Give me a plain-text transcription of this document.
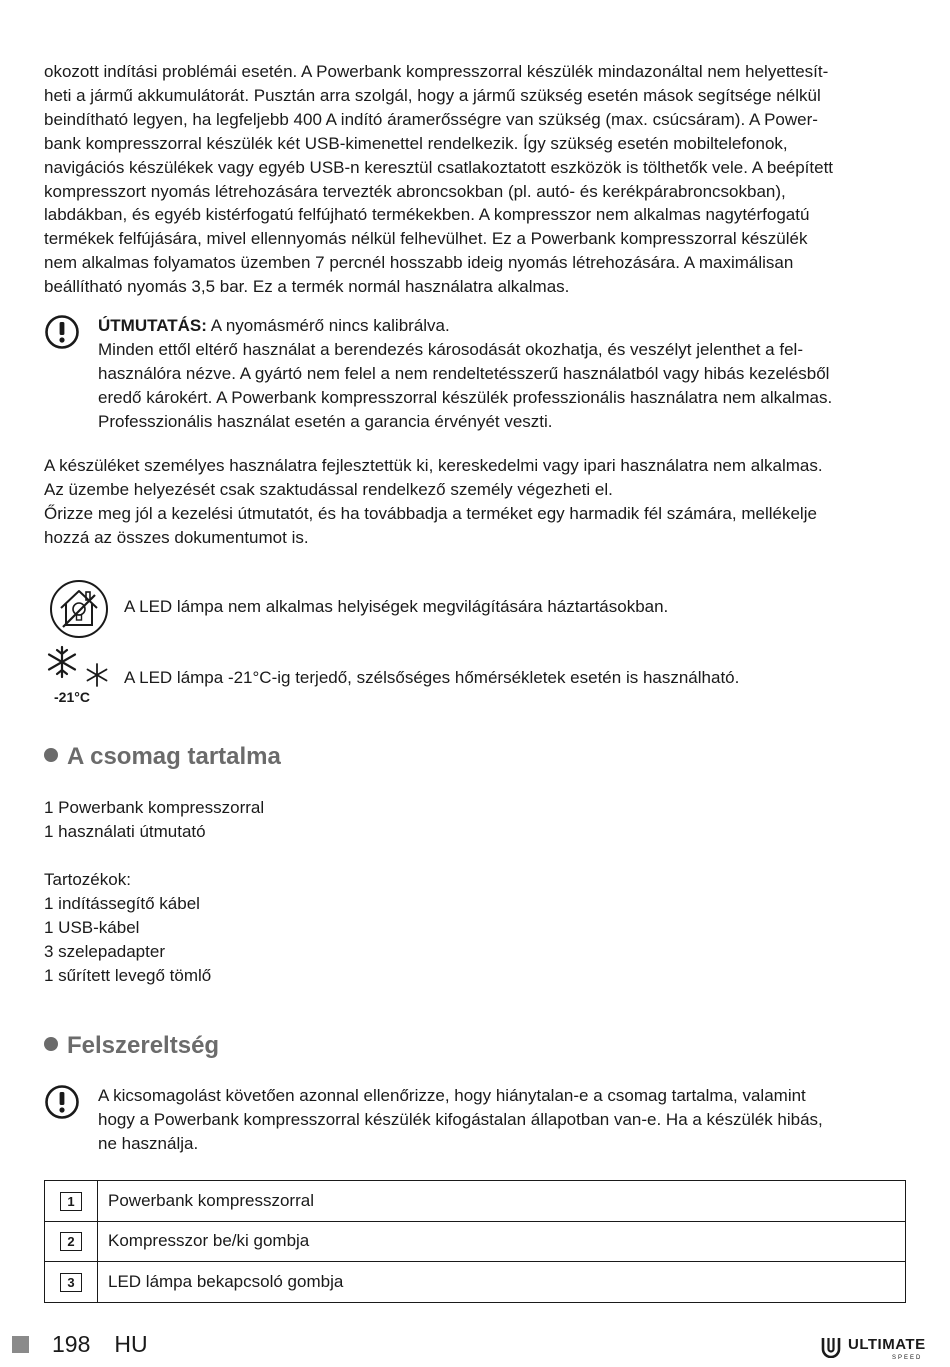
okozott indítási problémái esetén. A Powerbank kompresszorral készülék mindazonáltal nem helyettesít-
heti a jármű akkumulátorát. Pusztán arra szolgál, hogy a jármű szükség esetén mások segítsége nélkül
beindítható legyen, ha legfeljebb 400 A indító áramerősségre van szükség (max. csúcsáram). A Power-
bank kompresszorral készülék két USB-kimenettel rendelkezik. Így szükség esetén mobiltelefonok,
navigációs készülékek vagy egyéb USB-n keresztül csatlakoztatott eszközök is tölthetők vele. A beépített
kompresszort nyomás létrehozására tervezték abroncsokban (pl. autó- és kerékpárabroncsokban),
labdákban, és egyéb kistérfogatú felfújható termékekben. A kompresszor nem alkalmas nagytérfogatú
termékek felfújására, mivel ellennyomás nélkül felhevülhet. Ez a Powerbank kompresszorral készülék
nem alkalmas folyamatos üzemben 7 percnél hosszabb ideig nyomás létrehozására. A maximálisan
beállítható nyomás 3,5 bar. Ez a termék normál használatra alkalmas.
ÚTMUTATÁS: A nyomásmérő nincs kalibrálva.
Minden ettől eltérő használat a berendezés károsodását okozhatja, és veszélyt jelenthet a fel-
használóra nézve. A gyártó nem felel a nem rendeltetésszerű használatból vagy hibás kezelésből
eredő károkért. A Powerbank kompresszorral készülék professzionális használatra nem alkalmas.
Professzionális használat esetén a garancia érvényét veszti.
A készüléket személyes használatra fejlesztettük ki, kereskedelmi vagy ipari használatra nem alkalmas.
Az üzembe helyezését csak szaktudással rendelkező személy végezheti el.
Őrizze meg jól a kezelési útmutatót, és ha továbbadja a terméket egy harmadik fél számára, mellékelje
hozzá az összes dokumentumot is.
A LED lámpa nem alkalmas helyiségek megvilágítására háztartásokban.
-21°C
A LED lámpa -21°C-ig terjedő, szélsőséges hőmérsékletek esetén is használható.
A csomag tartalma
1 Powerbank kompresszorral
1 használati útmutató
Tartozékok:
1 indítássegítő kábel
1 USB-kábel
3 szelepadapter
1 sűrített levegő tömlő
Felszereltség
A kicsomagolást követően azonnal ellenőrizze, hogy hiánytalan-e a csomag tartalma, valamint
hogy a Powerbank kompresszorral készülék kifogástalan állapotban van-e. Ha a készülék hibás,
ne használja.
1	Powerbank kompresszorral
2	Kompresszor be/ki gombja
3	LED lámpa bekapcsoló gombja
198 HU	ULTIMATE
SPEED
